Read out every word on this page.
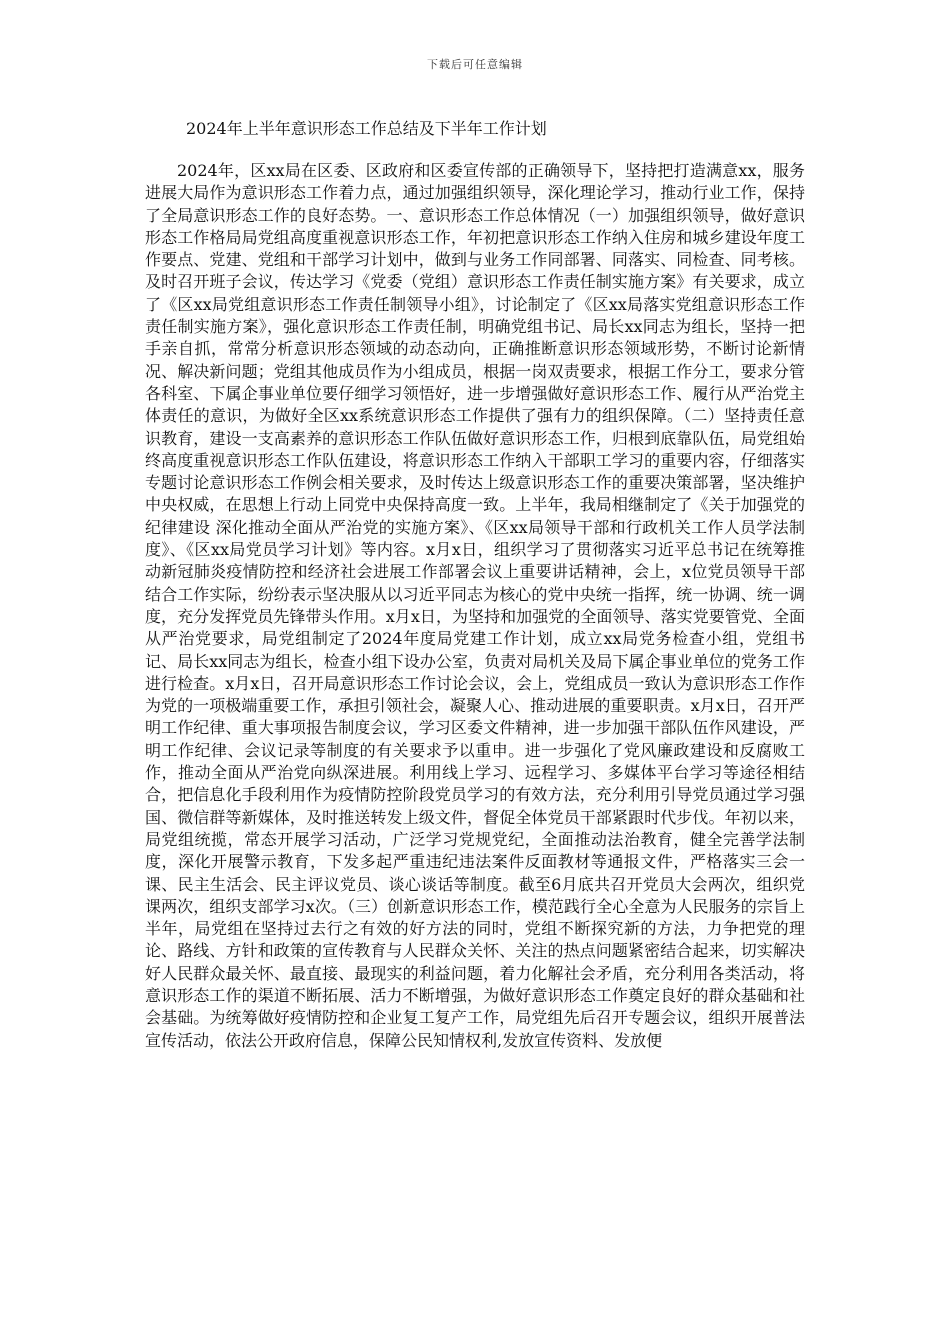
下载后可任意编辑
2024年上半年意识形态工作总结及下半年工作计划

2024年，区xx局在区委、区政府和区委宣传部的正确领导下，坚持把打造满意xx，服务进展大局作为意识形态工作着力点，通过加强组织领导，深化理论学习，推动行业工作，保持了全局意识形态工作的良好态势。一、意识形态工作总体情况（一）加强组织领导，做好意识形态工作格局局党组高度重视意识形态工作，年初把意识形态工作纳入住房和城乡建设年度工作要点、党建、党组和干部学习计划中，做到与业务工作同部署、同落实、同检查、同考核。及时召开班子会议，传达学习《党委（党组）意识形态工作责任制实施方案》有关要求，成立了《区xx局党组意识形态工作责任制领导小组》，讨论制定了《区xx局落实党组意识形态工作责任制实施方案》，强化意识形态工作责任制，明确党组书记、局长xx同志为组长，坚持一把手亲自抓，常常分析意识形态领域的动态动向，正确推断意识形态领域形势，不断讨论新情况、解决新问题；党组其他成员作为小组成员，根据一岗双责要求，根据工作分工，要求分管各科室、下属企事业单位要仔细学习领悟好，进一步增强做好意识形态工作、履行从严治党主体责任的意识，为做好全区xx系统意识形态工作提供了强有力的组织保障。（二）坚持责任意识教育，建设一支高素养的意识形态工作队伍做好意识形态工作，归根到底靠队伍，局党组始终高度重视意识形态工作队伍建设，将意识形态工作纳入干部职工学习的重要内容，仔细落实专题讨论意识形态工作例会相关要求，及时传达上级意识形态工作的重要决策部署，坚决维护中央权威，在思想上行动上同党中央保持高度一致。上半年，我局相继制定了《关于加强党的纪律建设 深化推动全面从严治党的实施方案》、《区xx局领导干部和行政机关工作人员学法制度》、《区xx局党员学习计划》等内容。x月x日，组织学习了贯彻落实习近平总书记在统筹推动新冠肺炎疫情防控和经济社会进展工作部署会议上重要讲话精神，会上，x位党员领导干部结合工作实际，纷纷表示坚决服从以习近平同志为核心的党中央统一指挥，统一协调、统一调度，充分发挥党员先锋带头作用。x月x日，为坚持和加强党的全面领导、落实党要管党、全面从严治党要求，局党组制定了2024年度局党建工作计划，成立xx局党务检查小组，党组书记、局长xx同志为组长，检查小组下设办公室，负责对局机关及局下属企事业单位的党务工作进行检查。x月x日，召开局意识形态工作讨论会议，会上，党组成员一致认为意识形态工作作为党的一项极端重要工作，承担引领社会，凝聚人心、推动进展的重要职责。x月x日，召开严明工作纪律、重大事项报告制度会议，学习区委文件精神，进一步加强干部队伍作风建设，严明工作纪律、会议记录等制度的有关要求予以重申。进一步强化了党风廉政建设和反腐败工作，推动全面从严治党向纵深进展。利用线上学习、远程学习、多媒体平台学习等途径相结合，把信息化手段利用作为疫情防控阶段党员学习的有效方法，充分利用引导党员通过学习强国、微信群等新媒体，及时推送转发上级文件，督促全体党员干部紧跟时代步伐。年初以来，局党组统揽，常态开展学习活动，广泛学习党规党纪，全面推动法治教育，健全完善学法制度，深化开展警示教育，下发多起严重违纪违法案件反面教材等通报文件，严格落实三会一课、民主生活会、民主评议党员、谈心谈话等制度。截至6月底共召开党员大会两次，组织党课两次，组织支部学习x次。（三）创新意识形态工作，模范践行全心全意为人民服务的宗旨上半年，局党组在坚持过去行之有效的好方法的同时，党组不断探究新的方法，力争把党的理论、路线、方针和政策的宣传教育与人民群众关怀、关注的热点问题紧密结合起来，切实解决好人民群众最关怀、最直接、最现实的利益问题，着力化解社会矛盾，充分利用各类活动，将意识形态工作的渠道不断拓展、活力不断增强，为做好意识形态工作奠定良好的群众基础和社会基础。为统筹做好疫情防控和企业复工复产工作，局党组先后召开专题会议，组织开展普法宣传活动，依法公开政府信息，保障公民知情权利,发放宣传资料、发放便
